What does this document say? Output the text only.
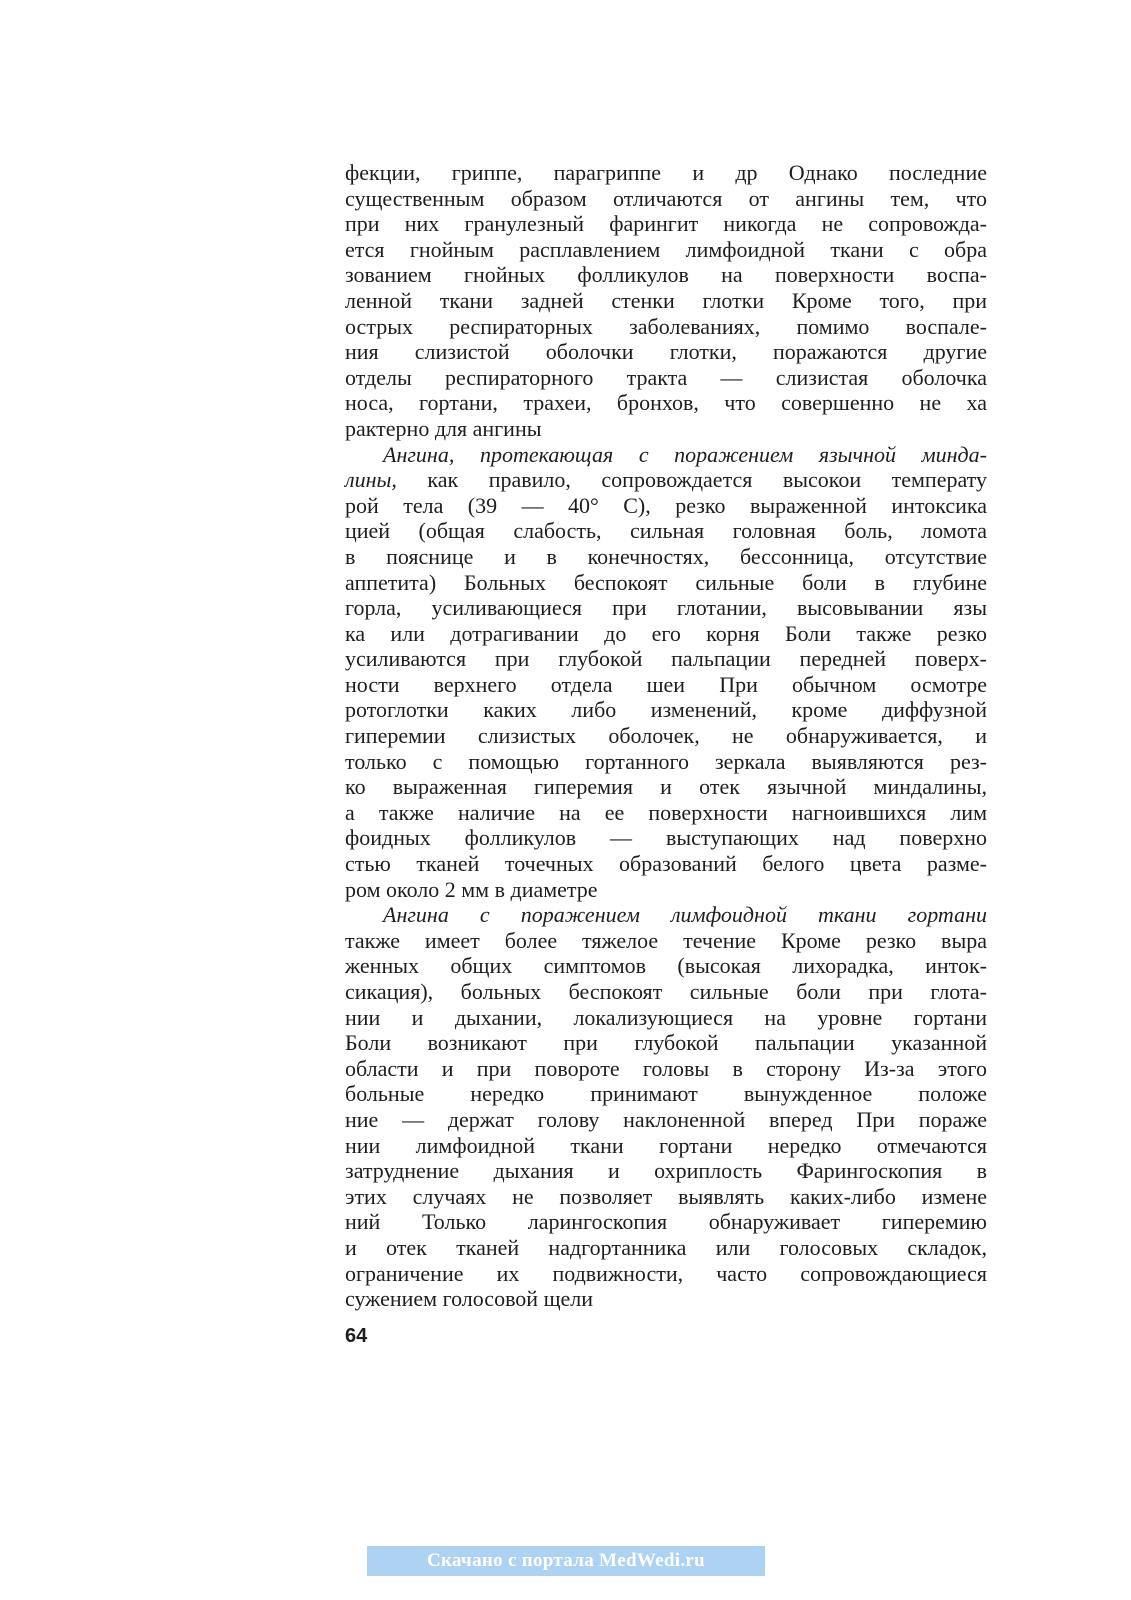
фекции, гриппе, парагриппе и др Однако последние
существенным образом отличаются от ангины тем, что
при них гранулезный фарингит никогда не сопровожда-
ется гнойным расплавлением лимфоидной ткани с обра
зованием гнойных фолликулов на поверхности воспа-
ленной ткани задней стенки глотки Кроме того, при
острых респираторных заболеваниях, помимо воспале-
ния слизистой оболочки глотки, поражаются другие
отделы респираторного тракта — слизистая оболочка
носа, гортани, трахеи, бронхов, что совершенно не ха
рактерно для ангины
Ангина, протекающая с поражением язычной минда-
лины, как правило, сопровождается высокои температу
рой тела (39 — 40° С), резко выраженной интоксика
цией (общая слабость, сильная головная боль, ломота
в пояснице и в конечностях, бессонница, отсутствие
аппетита) Больных беспокоят сильные боли в глубине
горла, усиливающиеся при глотании, высовывании язы
ка или дотрагивании до его корня Боли также резко
усиливаются при глубокой пальпации передней поверх-
ности верхнего отдела шеи При обычном осмотре
ротоглотки каких либо изменений, кроме диффузной
гиперемии слизистых оболочек, не обнаруживается, и
только с помощью гортанного зеркала выявляются рез-
ко выраженная гиперемия и отек язычной миндалины,
а также наличие на ее поверхности нагноившихся лим
фоидных фолликулов — выступающих над поверхно
стью тканей точечных образований белого цвета разме-
ром около 2 мм в диаметре
Ангина с поражением лимфоидной ткани гортани
также имеет более тяжелое течение Кроме резко выра
женных общих симптомов (высокая лихорадка, инток-
сикация), больных беспокоят сильные боли при глота-
нии и дыхании, локализующиеся на уровне гортани
Боли возникают при глубокой пальпации указанной
области и при повороте головы в сторону Из-за этого
больные нередко принимают вынужденное положе
ние — держат голову наклоненной вперед При пораже
нии лимфоидной ткани гортани нередко отмечаются
затруднение дыхания и охриплость Фарингоскопия в
этих случаях не позволяет выявлять каких-либо измене
ний Только ларингоскопия обнаруживает гиперемию
и отек тканей надгортанника или голосовых складок,
ограничение их подвижности, часто сопровождающиеся
сужением голосовой щели
64
Скачано с портала MedWedi.ru
